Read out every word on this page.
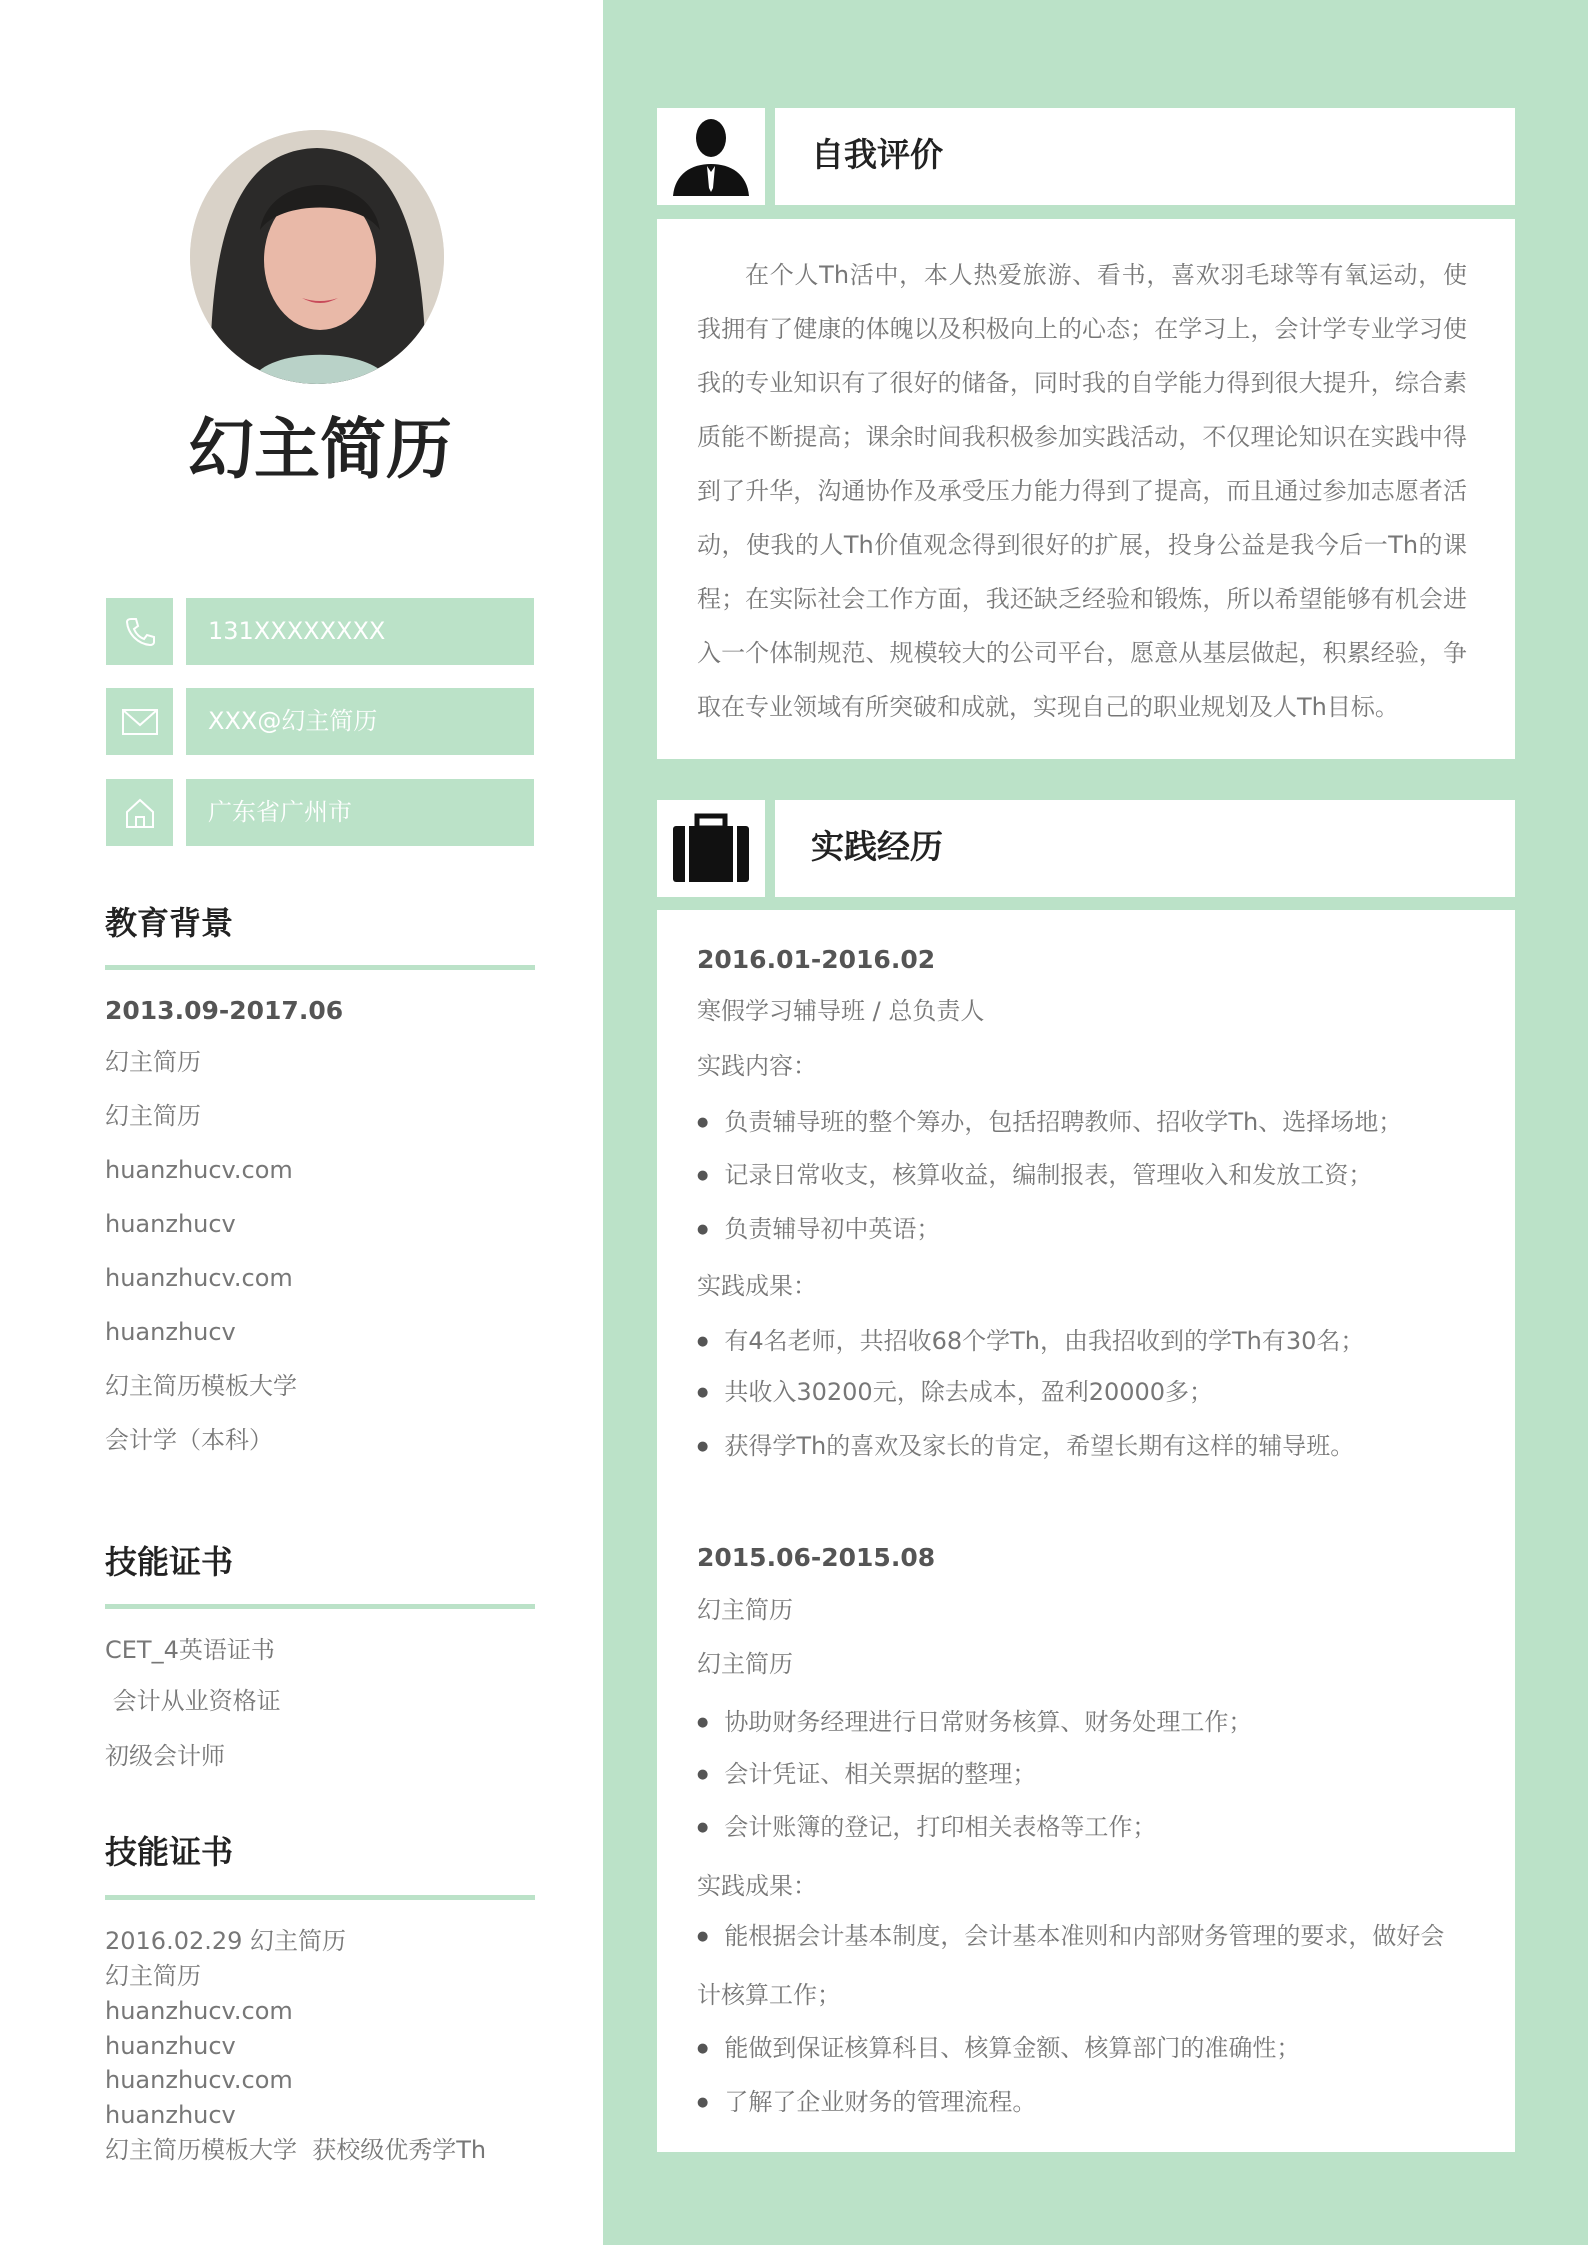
幻主简历
131XXXXXXXX
XXX@幻主简历
广东省广州市
教育背景
2013.09-2017.06
幻主简历
幻主简历
huanzhucv.com
huanzhucv
huanzhucv.com
huanzhucv
幻主简历模板大学
会计学（本科）
技能证书
CET_4英语证书
会计从业资格证
初级会计师
技能证书
2016.02.29 幻主简历
幻主简历
huanzhucv.com
huanzhucv
huanzhucv.com
huanzhucv
幻主简历模板大学  获校级优秀学Th
自我评价
在个人Th活中，本人热爱旅游、看书，喜欢羽毛球等有氧运动，使我拥有了健康的体魄以及积极向上的心态；在学习上，会计学专业学习使我的专业知识有了很好的储备，同时我的自学能力得到很大提升，综合素质能不断提高；课余时间我积极参加实践活动，不仅理论知识在实践中得到了升华，沟通协作及承受压力能力得到了提高，而且通过参加志愿者活动，使我的人Th价值观念得到很好的扩展，投身公益是我今后一Th的课程；在实际社会工作方面，我还缺乏经验和锻炼，所以希望能够有机会进入一个体制规范、规模较大的公司平台，愿意从基层做起，积累经验，争取在专业领域有所突破和成就，实现自己的职业规划及人Th目标。
实践经历
2016.01-2016.02
寒假学习辅导班 / 总负责人
实践内容：
● 负责辅导班的整个筹办，包括招聘教师、招收学Th、选择场地；
● 记录日常收支，核算收益，编制报表，管理收入和发放工资；
● 负责辅导初中英语；
实践成果：
● 有4名老师，共招收68个学Th，由我招收到的学Th有30名；
● 共收入30200元，除去成本，盈利20000多；
● 获得学Th的喜欢及家长的肯定，希望长期有这样的辅导班。
2015.06-2015.08
幻主简历
幻主简历
● 协助财务经理进行日常财务核算、财务处理工作；
● 会计凭证、相关票据的整理；
● 会计账簿的登记，打印相关表格等工作；
实践成果：
● 能根据会计基本制度，会计基本准则和内部财务管理的要求，做好会计核算工作；
● 能做到保证核算科目、核算金额、核算部门的准确性；
● 了解了企业财务的管理流程。
